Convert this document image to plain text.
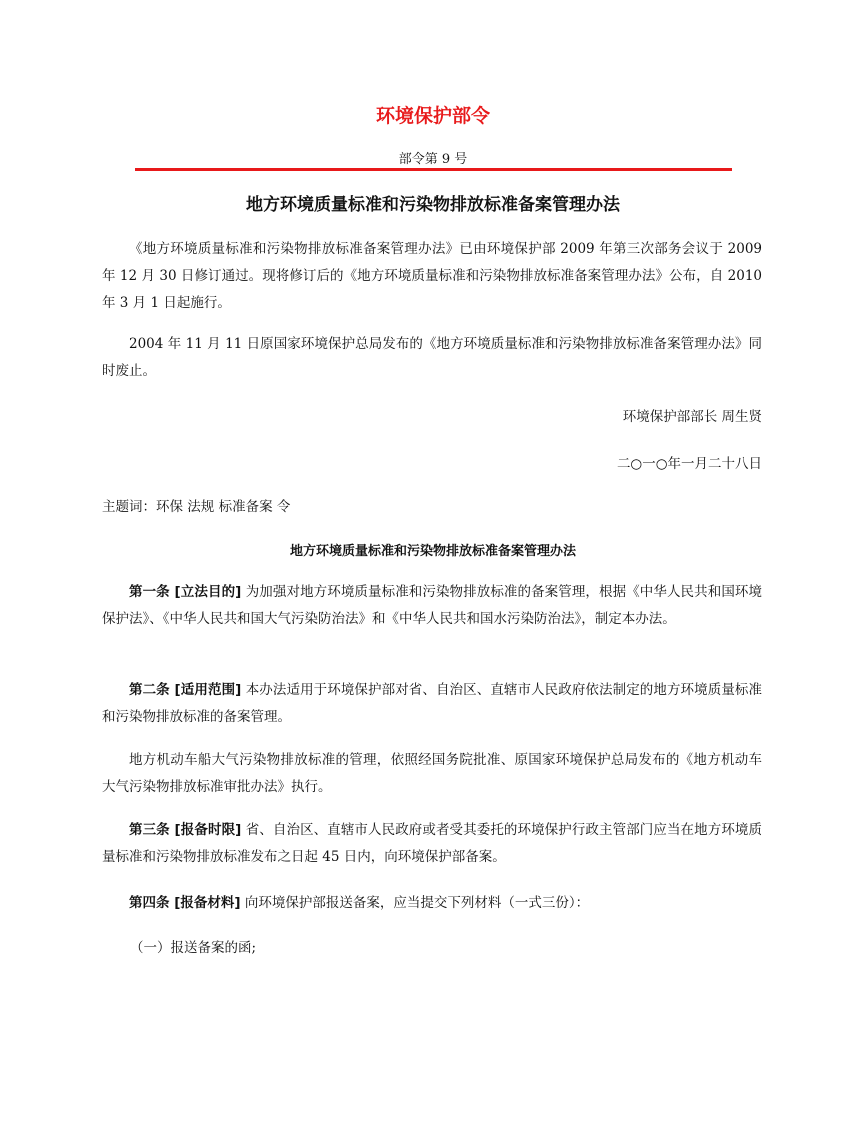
环境保护部令
部令第 9 号
地方环境质量标准和污染物排放标准备案管理办法
《地方环境质量标准和污染物排放标准备案管理办法》已由环境保护部 2009 年第三次部务会议于 2009 年 12 月 30 日修订通过。现将修订后的《地方环境质量标准和污染物排放标准备案管理办法》公布，自 2010 年 3 月 1 日起施行。
2004 年 11 月 11 日原国家环境保护总局发布的《地方环境质量标准和污染物排放标准备案管理办法》同时废止。
环境保护部部长 周生贤
二○一○年一月二十八日
主题词：环保 法规 标准备案 令
地方环境质量标准和污染物排放标准备案管理办法
第一条 [立法目的] 为加强对地方环境质量标准和污染物排放标准的备案管理，根据《中华人民共和国环境保护法》、《中华人民共和国大气污染防治法》和《中华人民共和国水污染防治法》，制定本办法。
第二条 [适用范围] 本办法适用于环境保护部对省、自治区、直辖市人民政府依法制定的地方环境质量标准和污染物排放标准的备案管理。
地方机动车船大气污染物排放标准的管理，依照经国务院批准、原国家环境保护总局发布的《地方机动车大气污染物排放标准审批办法》执行。
第三条 [报备时限] 省、自治区、直辖市人民政府或者受其委托的环境保护行政主管部门应当在地方环境质量标准和污染物排放标准发布之日起 45 日内，向环境保护部备案。
第四条 [报备材料] 向环境保护部报送备案，应当提交下列材料（一式三份）：
（一）报送备案的函;
